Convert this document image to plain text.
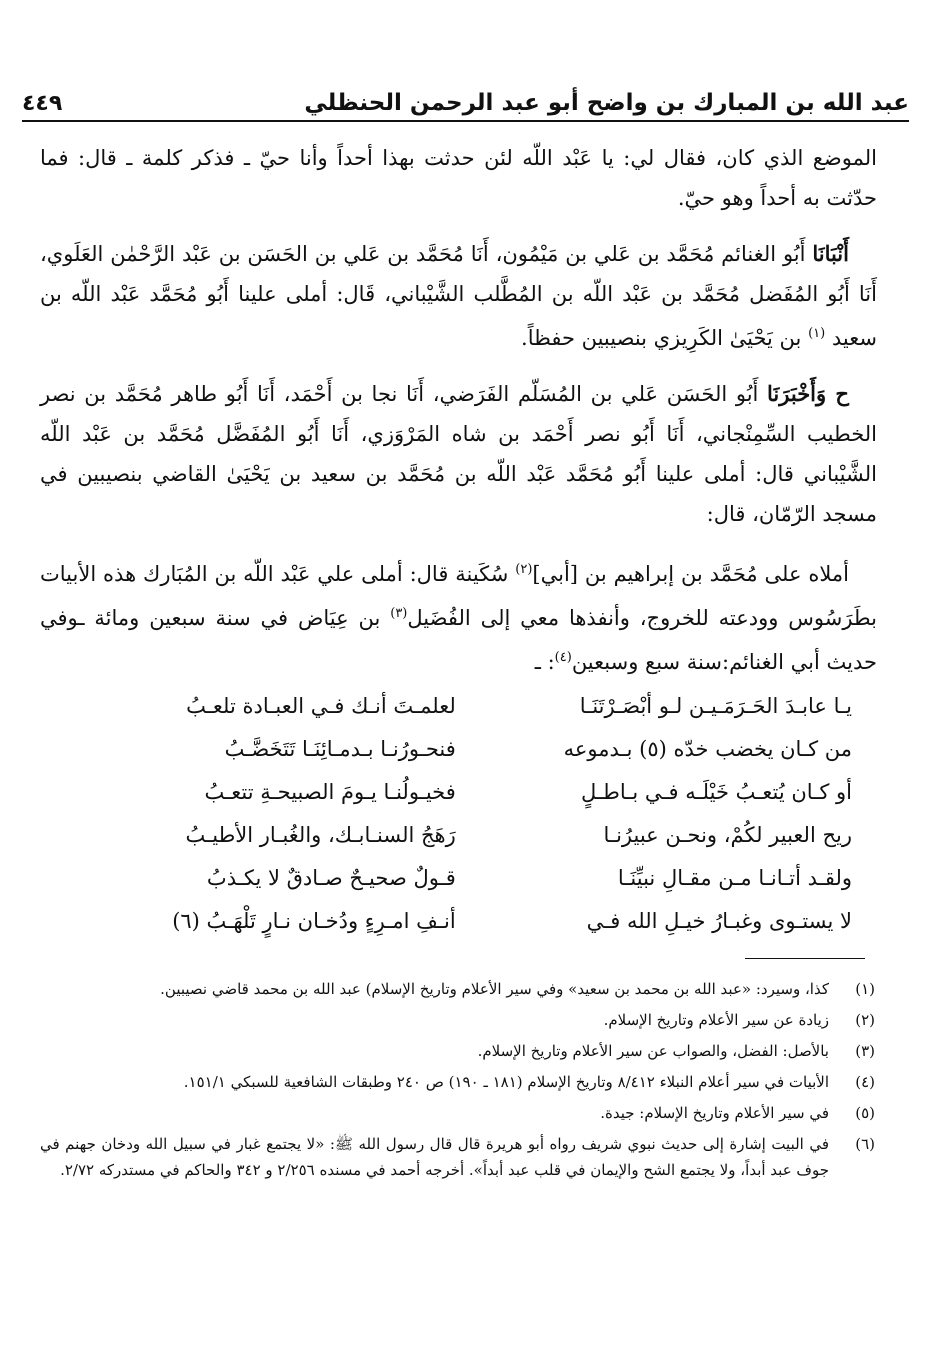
عبد الله بن المبارك بن واضح أبو عبد الرحمن الحنظلي
٤٤٩

الموضع الذي كان، فقال لي: يا عَبْد اللّه لئن حدثت بهذا أحداً وأنا حيّ ـ فذكر كلمة ـ قال: فما حدّثت به أحداً وهو حيّ.

أَنْبَانَا أَبُو الغنائم مُحَمَّد بن عَلي بن مَيْمُون، أَنَا مُحَمَّد بن عَلي بن الحَسَن بن عَبْد الرَّحْمٰن العَلَوي، أَنَا أَبُو المُفَضل مُحَمَّد بن عَبْد اللّه بن المُطَّلب الشَّيْباني، قَال: أملى علينا أَبُو مُحَمَّد عَبْد اللّه بن سعيد $^{(١)}$ بن يَحْيَىٰ الكَرِيزي بنصيبين حفظاً.

ح وَأَخْبَرَنَا أَبُو الحَسَن عَلي بن المُسَلّم الفَرَضي، أَنَا نجا بن أَحْمَد، أَنَا أَبُو طاهر مُحَمَّد بن نصر الخطيب السِّمِنْجاني، أَنَا أَبُو نصر أَحْمَد بن شاه المَرْوَزي، أَنَا أَبُو المُفَضَّل مُحَمَّد بن عَبْد اللّه الشَّيْباني قال: أملى علينا أَبُو مُحَمَّد عَبْد اللّه بن مُحَمَّد بن سعيد بن يَحْيَىٰ القاضي بنصيبين في مسجد الرّمّان، قال:

أملاه على مُحَمَّد بن إبراهيم بن [أبي]$^{(٢)}$ سُكَينة قال: أملى علي عَبْد اللّه بن المُبَارك هذه الأبيات بطَرَسُوس وودعته للخروج، وأنفذها معي إلى الفُضَيل$^{(٣)}$ بن عِيَاض في سنة سبعين ومائة ـوفي حديث أبي الغنائم:سنة سبع وسبعين$^{(٤)}$: ـ

يـا عابـدَ الحَـرَمَـيـن لـو أبْصَـرْتَنَـا
لعلمـتَ أنـك فـي العبـادة تلعـبُ
من كـان يخضب خدّه (٥) بـدموعه
فنحـورُنـا بـدمـائِنَـا تَتَخَضَّـبُ
أو كـان يُتعـبُ خَيْلَـه فـي بـاطـلٍ
فخيـولُنـا يـومَ الصبيحـةِ تتعـبُ
ريح العبير لكُمْ، ونحـن عبيرُنـا
رَهَجُ السنـابـك، والغُبـار الأطيـبُ
ولقـد أتـانـا مـن مقـالِ نبيِّنَـا
قـولٌ صحيـحٌ صـادقٌ لا يكـذبُ
لا يستـوى وغبـارُ خيـلِ الله فـي
أنـفِ امـرِءٍ ودُخـان نـارٍ تَلْهَـبُ (٦)
(١)
كذا، وسيرد: «عبد الله بن محمد بن سعيد» وفي سير الأعلام وتاريخ الإسلام) عبد الله بن محمد قاضي نصيبين.
(٢)
زيادة عن سير الأعلام وتاريخ الإسلام.
(٣)
بالأصل: الفضل، والصواب عن سير الأعلام وتاريخ الإسلام.
(٤)
الأبيات في سير أعلام النبلاء ٨/٤١٢ وتاريخ الإسلام (١٨١ ـ ١٩٠) ص ٢٤٠ وطبقات الشافعية للسبكي ١٥١/١.
(٥)
في سير الأعلام وتاريخ الإسلام: جيدة.
(٦)
في البيت إشارة إلى حديث نبوي شريف رواه أبو هريرة قال قال رسول الله ﷺ: «لا يجتمع غبار في سبيل الله ودخان جهنم في جوف عبد أبداً، ولا يجتمع الشح والإيمان في قلب عبد أبداً». أخرجه أحمد في مسنده ٢/٢٥٦ و ٣٤٢ والحاكم في مستدركه ٢/٧٢.
